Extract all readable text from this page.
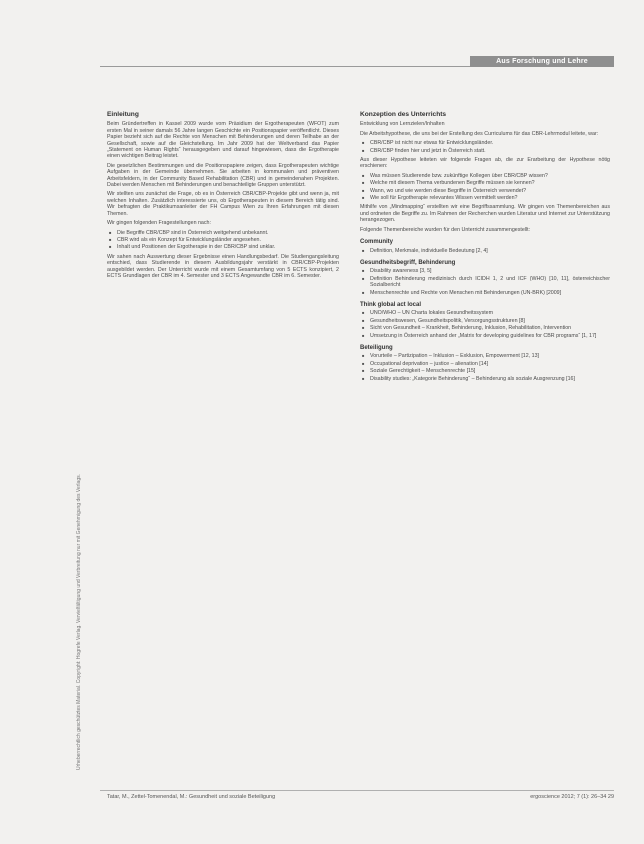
Aus Forschung und Lehre
Urheberrechtlich geschütztes Material. Copyright: Hogrefe Verlag. Vervielfältigung und Verbreitung nur mit Genehmigung des Verlags.
Einleitung

Beim Gründertreffen in Kassel 2009 wurde vom Präsidium der Ergotherapeuten (WFOT) zum ersten Mal in seiner damals 56 Jahre langen Geschichte ein Positionspapier veröffentlicht. Dieses Papier bezieht sich auf die Rechte von Menschen mit Behinderungen und deren Teilhabe an der Gesellschaft, sowie auf die Gleichstellung. Im Jahr 2009 hat der Weltverband das Papier „Statement on Human Rights“ herausgegeben und darauf hingewiesen, dass die Ergotherapie einen wichtigen Beitrag leistet.

Die gesetzlichen Bestimmungen und die Positionspapiere zeigen, dass Ergotherapeuten wichtige Aufgaben in der Gemeinde übernehmen. Sie arbeiten in kommunalen und präventiven Arbeitsfeldern, in der Community Based Rehabilitation (CBR) und in gemeindenahen Projekten. Dabei werden Menschen mit Behinderungen und benachteiligte Gruppen unterstützt.

Wir stellten uns zunächst die Frage, ob es in Österreich CBR/CBP-Projekte gibt und wenn ja, mit welchen Inhalten. Zusätzlich interessierte uns, ob Ergotherapeuten in diesem Bereich tätig sind. Wir befragten die Praktikumsanleiter der FH Campus Wien zu Ihren Erfahrungen mit diesen Themen.

Wir gingen folgenden Fragestellungen nach:

■ Die Begriffe CBR/CBP sind in Österreich weitgehend unbekannt.
■ CBR wird als ein Konzept für Entwicklungsländer angesehen.
■ Inhalt und Positionen der Ergotherapie in der CBR/CBP sind unklar.

Wir sahen nach Auswertung dieser Ergebnisse einen Handlungsbedarf. Die Studiengangsleitung entschied, dass Studierende in diesem Ausbildungsjahr verstärkt in CBR/CBP-Projekten ausgebildet werden. Der Unterricht wurde mit einem Gesamtumfang von 5 ECTS konzipiert, 2 ECTS Grundlagen der CBR im 4. Semester und 3 ECTS Angewandte CBR im 6. Semester.

Konzeption des Unterrichts

Entwicklung von Lernzielen/Inhalten

Die Arbeitshypothese, die uns bei der Erstellung des Curriculums für das CBR-Lehrmodul leitete, war:

■ CBR/CBP ist nicht nur etwas für Entwicklungsländer.
■ CBR/CBP finden hier und jetzt in Österreich statt.

Aus dieser Hypothese leiteten wir folgende Fragen ab, die zur Erarbeitung der Hypothese nötig erschienen:

■ Was müssen Studierende bzw. zukünftige Kollegen über CBR/CBP wissen?
■ Welche mit diesem Thema verbundenen Begriffe müssen sie kennen?
■ Wann, wo und wie werden diese Begriffe in Österreich verwendet?
■ Wie soll für Ergotherapie relevantes Wissen vermittelt werden?

Mithilfe von „Mindmapping“ erstellten wir eine Begriffssammlung. Wir gingen von Themenbereichen aus und ordneten die Begriffe zu. Im Rahmen der Recherchen wurden Literatur und Internet zur Unterstützung herangezogen.

Folgende Themenbereiche wurden für den Unterricht zusammengestellt:

Community
■ Definition, Merkmale, individuelle Bedeutung [2, 4]
Gesundheitsbegriff, Behinderung
■ Disability awareness [3, 5]
■ Definition Behinderung medizinisch durch ICIDH 1, 2 und ICF (WHO) [10, 11], österreichischer Sozialbericht
■ Menschenrechte und Rechte von Menschen mit Behinderungen (UN-BRK) [2009]
Think global act local
■ UNO/WHO – UN Charta lokales Gesundheitssystem
■ Gesundheitswesen, Gesundheitspolitik, Versorgungsstrukturen [8]
■ Sicht von Gesundheit – Krankheit, Behinderung, Inklusion, Rehabilitation, Intervention
■ Umsetzung in Österreich anhand der „Matrix for developing guidelines for CBR programs“ [1, 17]
Beteiligung
■ Vorurteile – Partizipation – Inklusion – Exklusion, Empowerment [12, 13]
■ Occupational deprivation – justice – alienation [14]
■ Soziale Gerechtigkeit – Menschenrechte [15]
■ Disability studies: „Kategorie Behinderung“ – Behinderung als soziale Ausgrenzung [16]
Tatar, M., Zettel-Tomenendal, M.: Gesundheit und soziale Beteiligung	ergoscience 2012; 7 (1): 26–34 29
